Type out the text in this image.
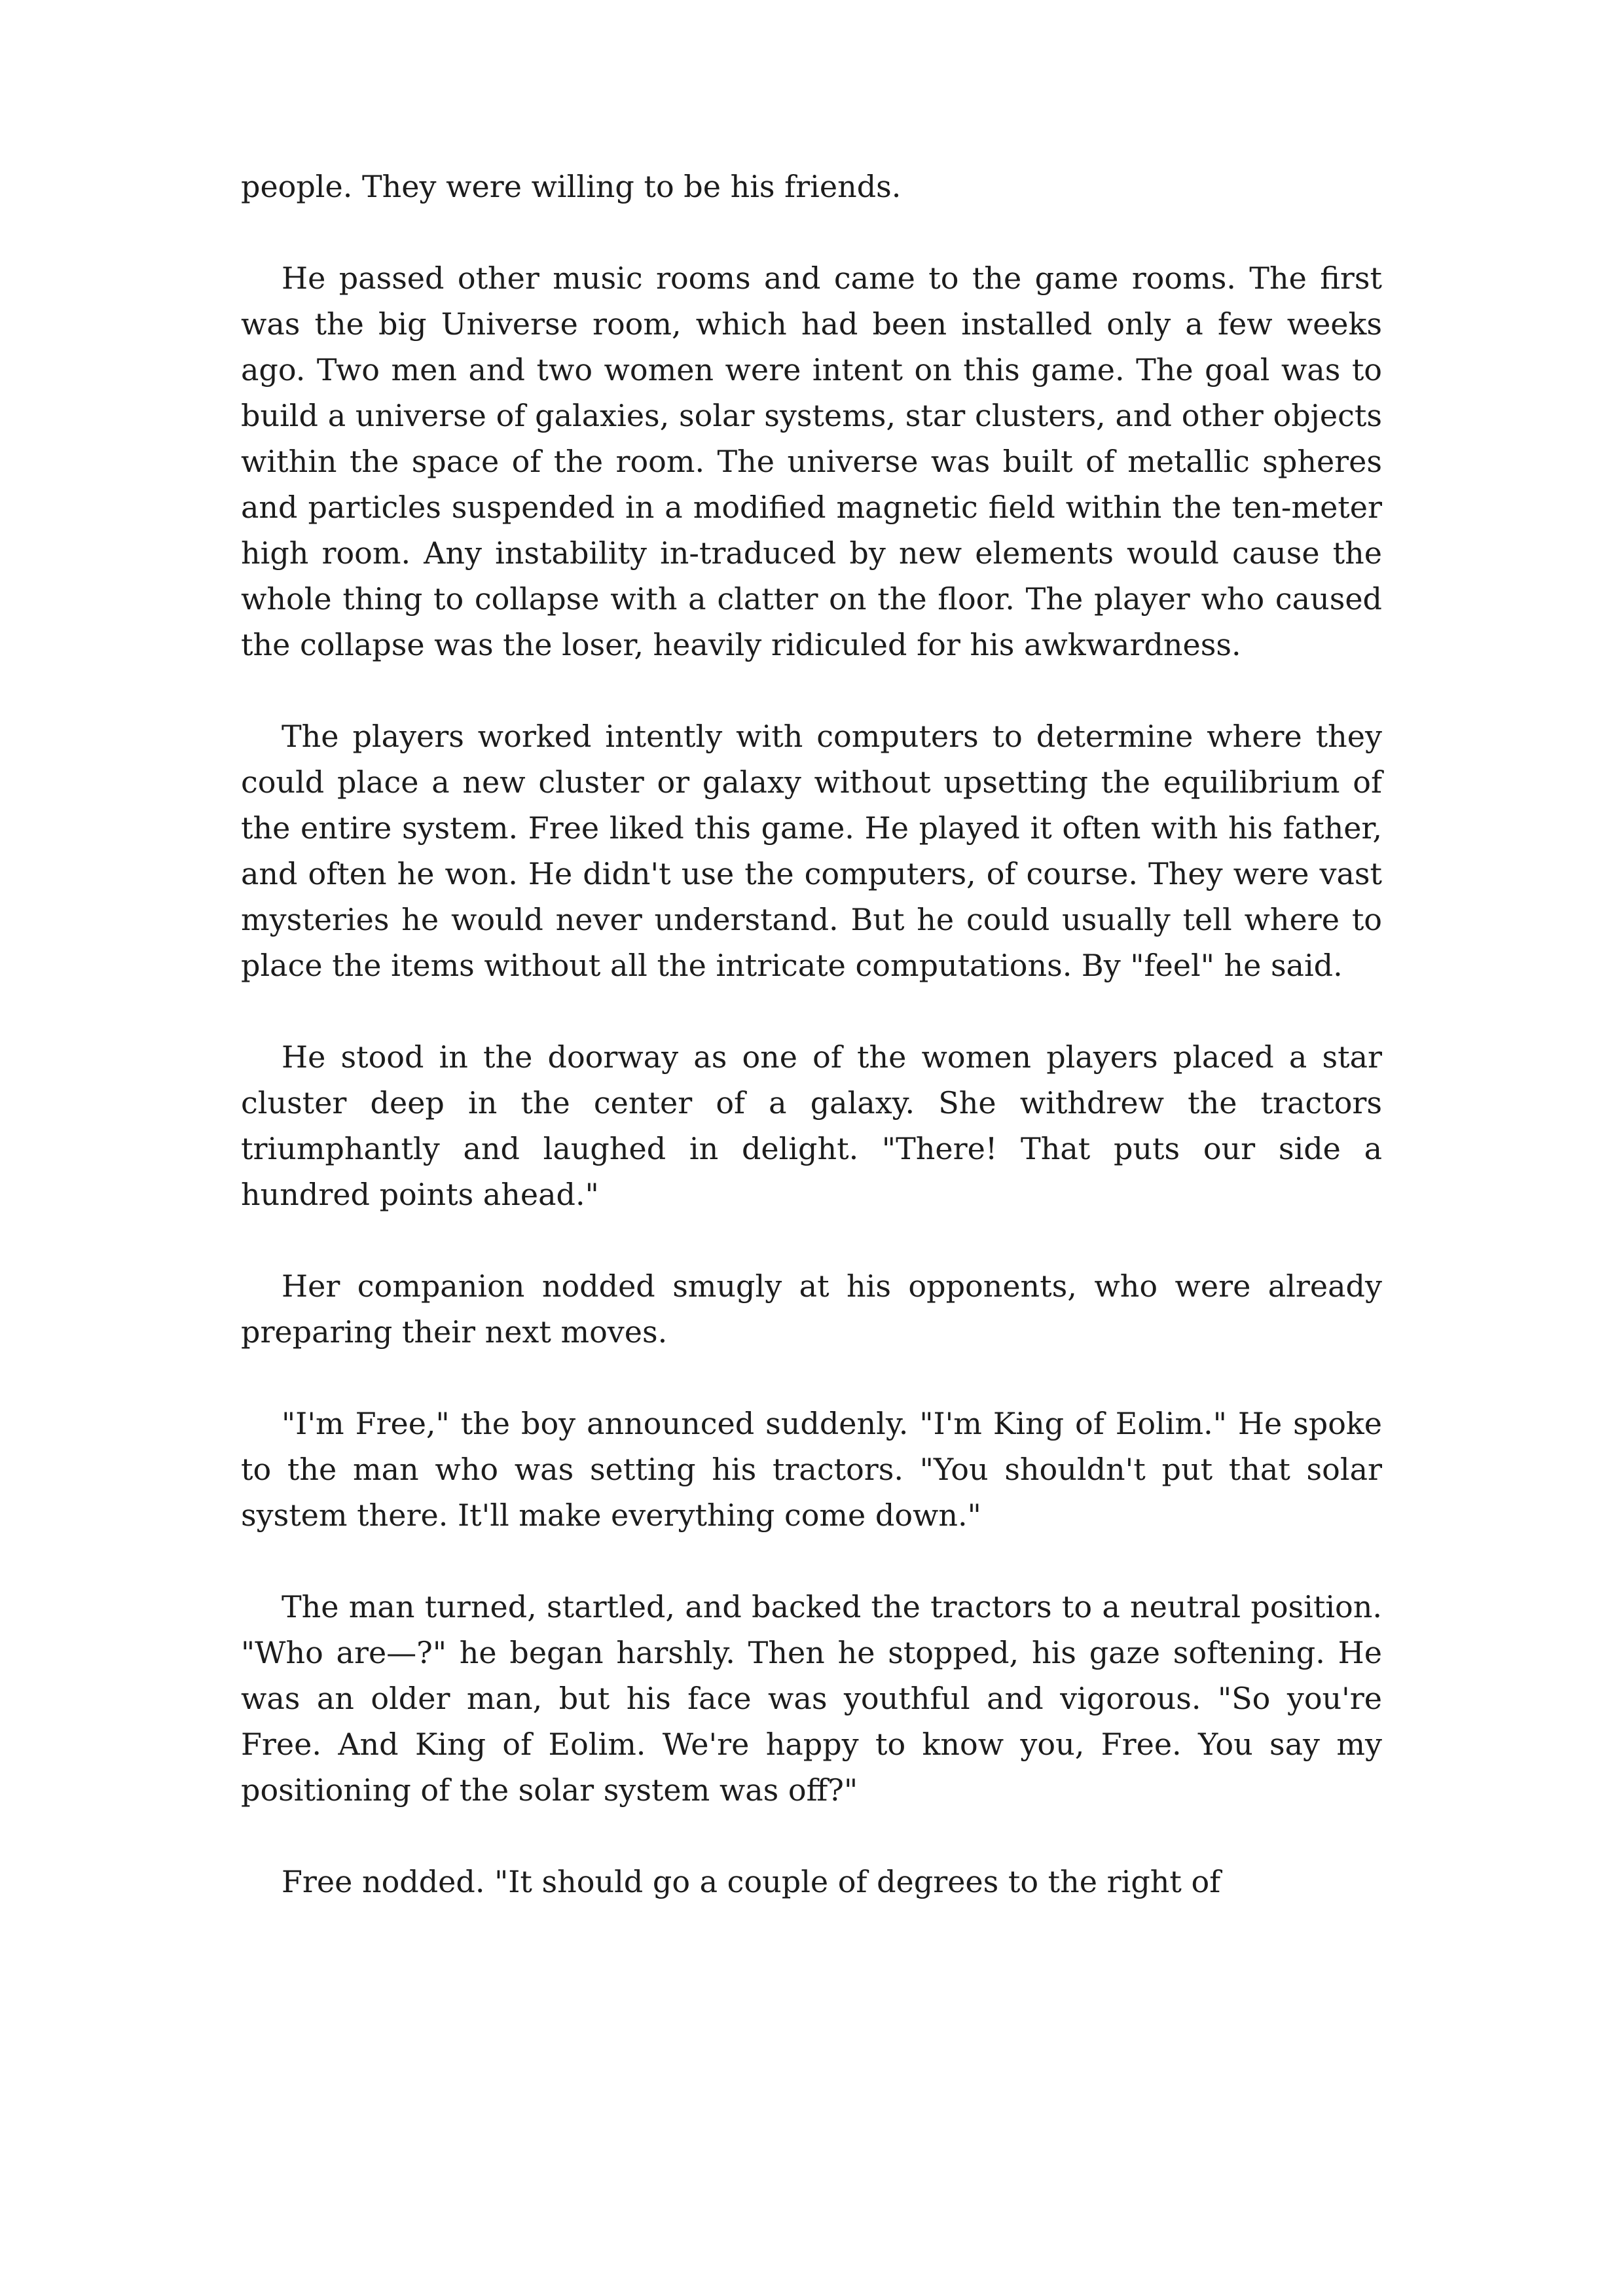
people. They were willing to be his friends.

He passed other music rooms and came to the game rooms. The first was the big Universe room, which had been installed only a few weeks ago. Two men and two women were intent on this game. The goal was to build a universe of galaxies, solar systems, star clusters, and other objects within the space of the room. The universe was built of metallic spheres and particles suspended in a modified magnetic field within the ten-meter high room. Any instability in-traduced by new elements would cause the whole thing to collapse with a clatter on the floor. The player who caused the collapse was the loser, heavily ridiculed for his awkwardness.

The players worked intently with computers to determine where they could place a new cluster or galaxy without upsetting the equilibrium of the entire system. Free liked this game. He played it often with his father, and often he won. He didn't use the computers, of course. They were vast mysteries he would never understand. But he could usually tell where to place the items without all the intricate computations. By "feel" he said.

He stood in the doorway as one of the women players placed a star cluster deep in the center of a galaxy. She withdrew the tractors triumphantly and laughed in delight. "There! That puts our side a hundred points ahead."

Her companion nodded smugly at his opponents, who were already preparing their next moves.

"I'm Free," the boy announced suddenly. "I'm King of Eolim." He spoke to the man who was setting his tractors. "You shouldn't put that solar system there. It'll make everything come down."

The man turned, startled, and backed the tractors to a neutral position. "Who are—?" he began harshly. Then he stopped, his gaze softening. He was an older man, but his face was youthful and vigorous. "So you're Free. And King of Eolim. We're happy to know you, Free. You say my positioning of the solar system was off?"

Free nodded. "It should go a couple of degrees to the right of
